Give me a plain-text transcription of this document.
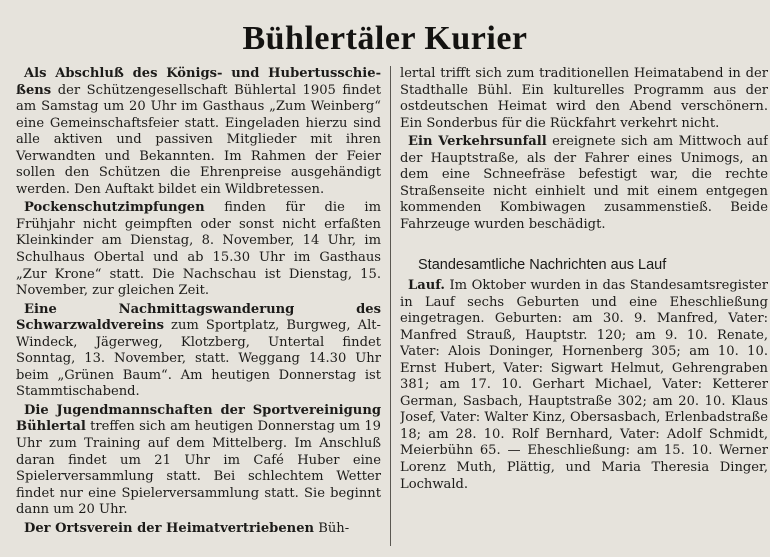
Bühlertäler Kurier

Als Abschluß des Königs- und Hubertusschießens der Schützengesellschaft Bühlertal 1905 findet am Samstag um 20 Uhr im Gasthaus „Zum Weinberg“ eine Gemeinschaftsfeier statt. Eingeladen hierzu sind alle aktiven und passiven Mitglieder mit ihren Verwandten und Bekannten. Im Rahmen der Feier sollen den Schützen die Ehrenpreise ausgehändigt werden. Den Auftakt bildet ein Wildbretessen.

Pockenschutzimpfungen finden für die im Frühjahr nicht geimpften oder sonst nicht erfaßten Kleinkinder am Dienstag, 8. November, 14 Uhr, im Schulhaus Obertal und ab 15.30 Uhr im Gasthaus „Zur Krone“ statt. Die Nachschau ist Dienstag, 15. November, zur gleichen Zeit.

Eine Nachmittagswanderung des Schwarzwaldvereins zum Sportplatz, Burgweg, Alt-Windeck, Jägerweg, Klotzberg, Untertal findet Sonntag, 13. November, statt. Weggang 14.30 Uhr beim „Grünen Baum“. Am heutigen Donnerstag ist Stammtischabend.

Die Jugendmannschaften der Sportvereinigung Bühlertal treffen sich am heutigen Donnerstag um 19 Uhr zum Training auf dem Mittelberg. Im Anschluß daran findet um 21 Uhr im Café Huber eine Spielerversammlung statt. Bei schlechtem Wetter findet nur eine Spielerversammlung statt. Sie beginnt dann um 20 Uhr.

Der Ortsverein der Heimatvertriebenen Büh-

lertal trifft sich zum traditionellen Heimatabend in der Stadthalle Bühl. Ein kulturelles Programm aus der ostdeutschen Heimat wird den Abend verschönern. Ein Sonderbus für die Rückfahrt verkehrt nicht.

Ein Verkehrsunfall ereignete sich am Mittwoch auf der Hauptstraße, als der Fahrer eines Unimogs, an dem eine Schneefräse befestigt war, die rechte Straßenseite nicht einhielt und mit einem entgegen kommenden Kombiwagen zusammenstieß. Beide Fahrzeuge wurden beschädigt.

Standesamtliche Nachrichten aus Lauf

Lauf. Im Oktober wurden in das Standesamtsregister in Lauf sechs Geburten und eine Eheschließung eingetragen. Geburten: am 30. 9. Manfred, Vater: Manfred Strauß, Hauptstr. 120; am 9. 10. Renate, Vater: Alois Doninger, Hornenberg 305; am 10. 10. Ernst Hubert, Vater: Sigwart Helmut, Gehrengraben 381; am 17. 10. Gerhart Michael, Vater: Ketterer German, Sasbach, Hauptstraße 302; am 20. 10. Klaus Josef, Vater: Walter Kinz, Obersasbach, Erlenbadstraße 18; am 28. 10. Rolf Bernhard, Vater: Adolf Schmidt, Meierbühn 65. — Eheschließung: am 15. 10. Werner Lorenz Muth, Plättig, und Maria Theresia Dinger, Lochwald.
